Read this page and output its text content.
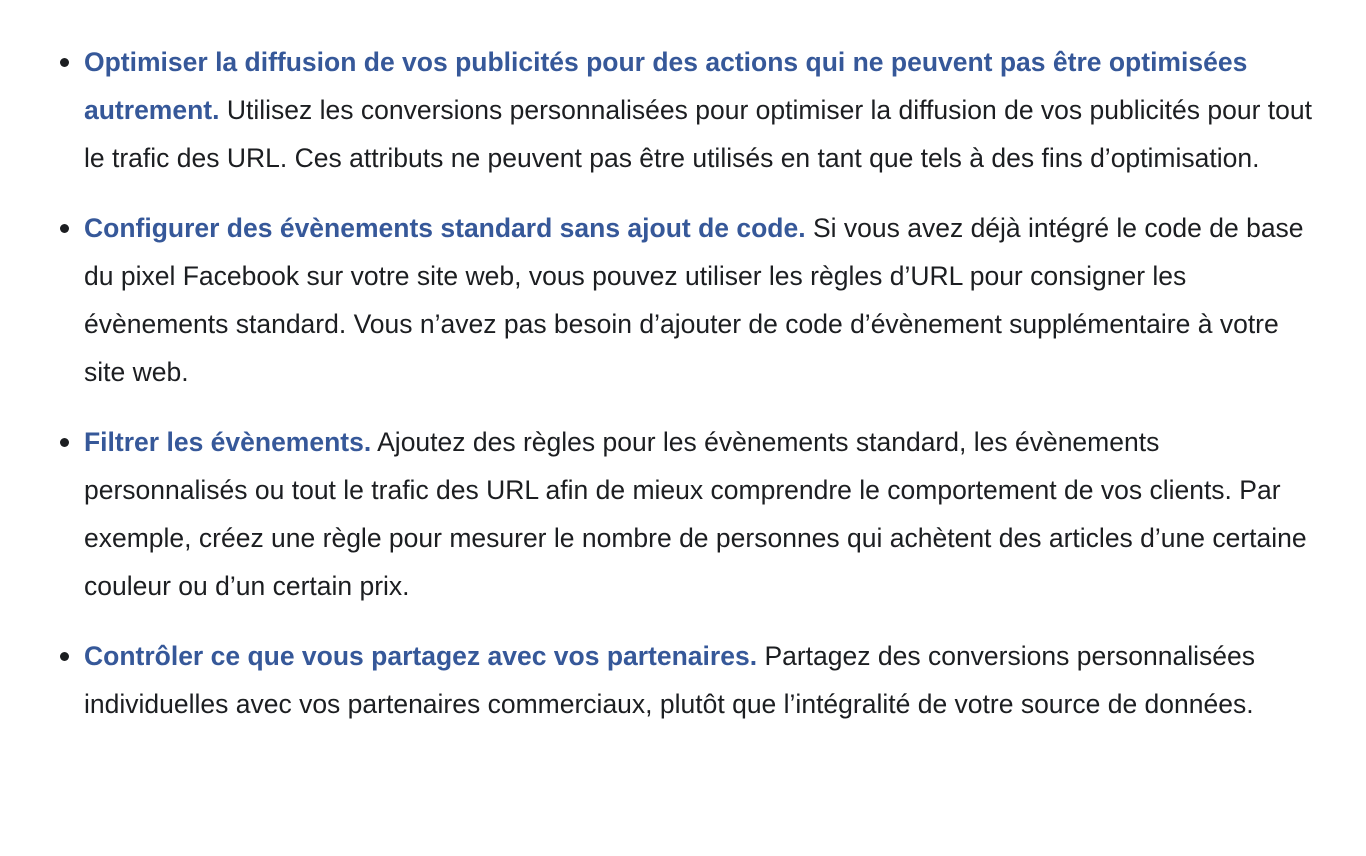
Optimiser la diffusion de vos publicités pour des actions qui ne peuvent pas être optimisées autrement. Utilisez les conversions personnalisées pour optimiser la diffusion de vos publicités pour tout le trafic des URL. Ces attributs ne peuvent pas être utilisés en tant que tels à des fins d’optimisation.
Configurer des évènements standard sans ajout de code. Si vous avez déjà intégré le code de base du pixel Facebook sur votre site web, vous pouvez utiliser les règles d’URL pour consigner les évènements standard. Vous n’avez pas besoin d’ajouter de code d’évènement supplémentaire à votre site web.
Filtrer les évènements. Ajoutez des règles pour les évènements standard, les évènements personnalisés ou tout le trafic des URL afin de mieux comprendre le comportement de vos clients. Par exemple, créez une règle pour mesurer le nombre de personnes qui achètent des articles d’une certaine couleur ou d’un certain prix.
Contrôler ce que vous partagez avec vos partenaires. Partagez des conversions personnalisées individuelles avec vos partenaires commerciaux, plutôt que l’intégralité de votre source de données.
